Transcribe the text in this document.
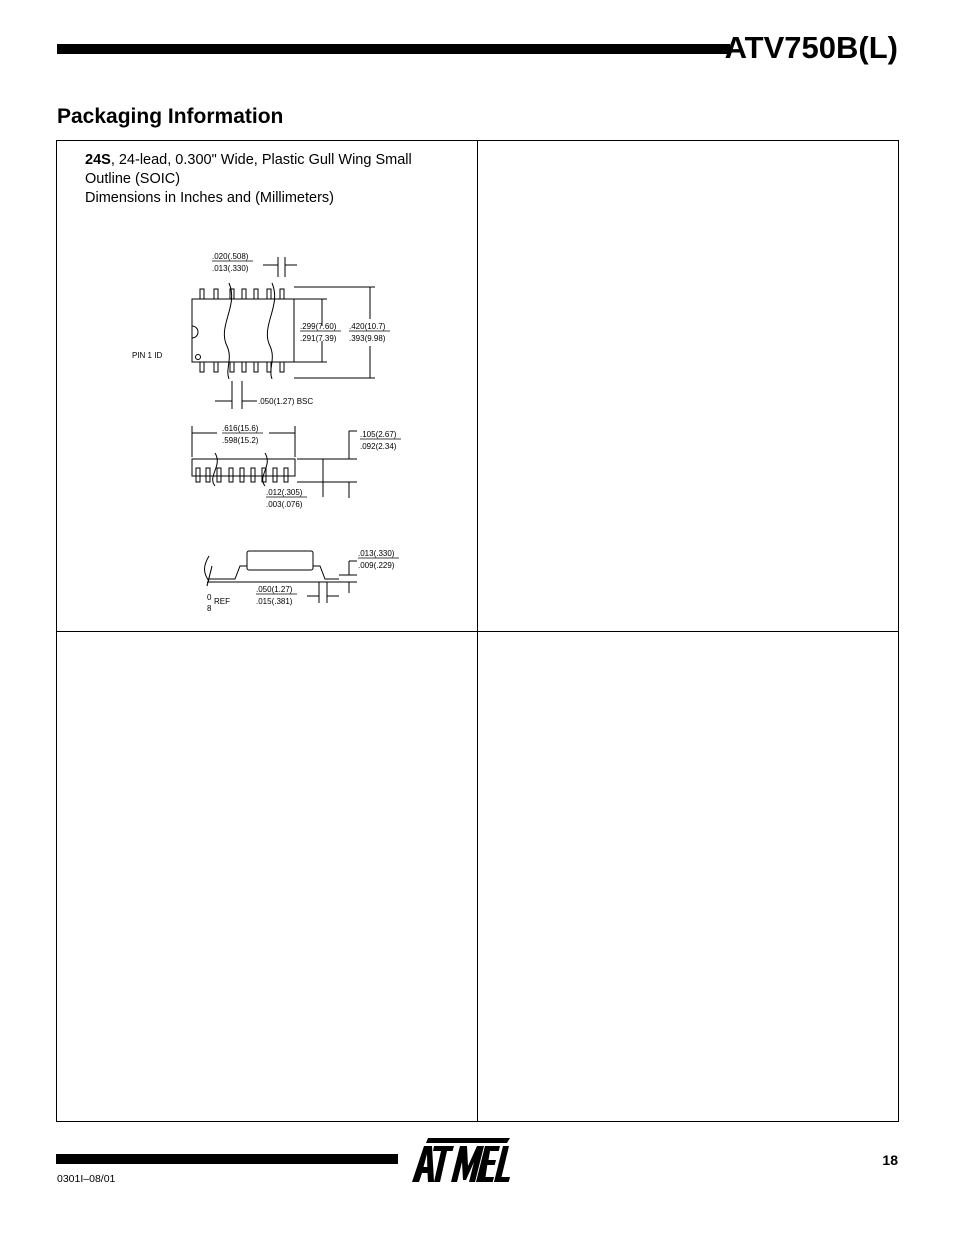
ATV750B(L)
Packaging Information
24S, 24-lead, 0.300" Wide, Plastic Gull Wing Small
Outline (SOIC)
Dimensions in Inches and (Millimeters)
.020(.508)
.013(.330)
.299(7.60)
.291(7.39)
.420(10.7)
.393(9.98)
PIN 1 ID
.050(1.27) BSC
.616(15.6)
.598(15.2)
.105(2.67)
.092(2.34)
.012(.305)
.003(.076)
.013(.330)
.009(.229)
.050(1.27)
.015(.381)
0
8
REF
18
0301I–08/01
